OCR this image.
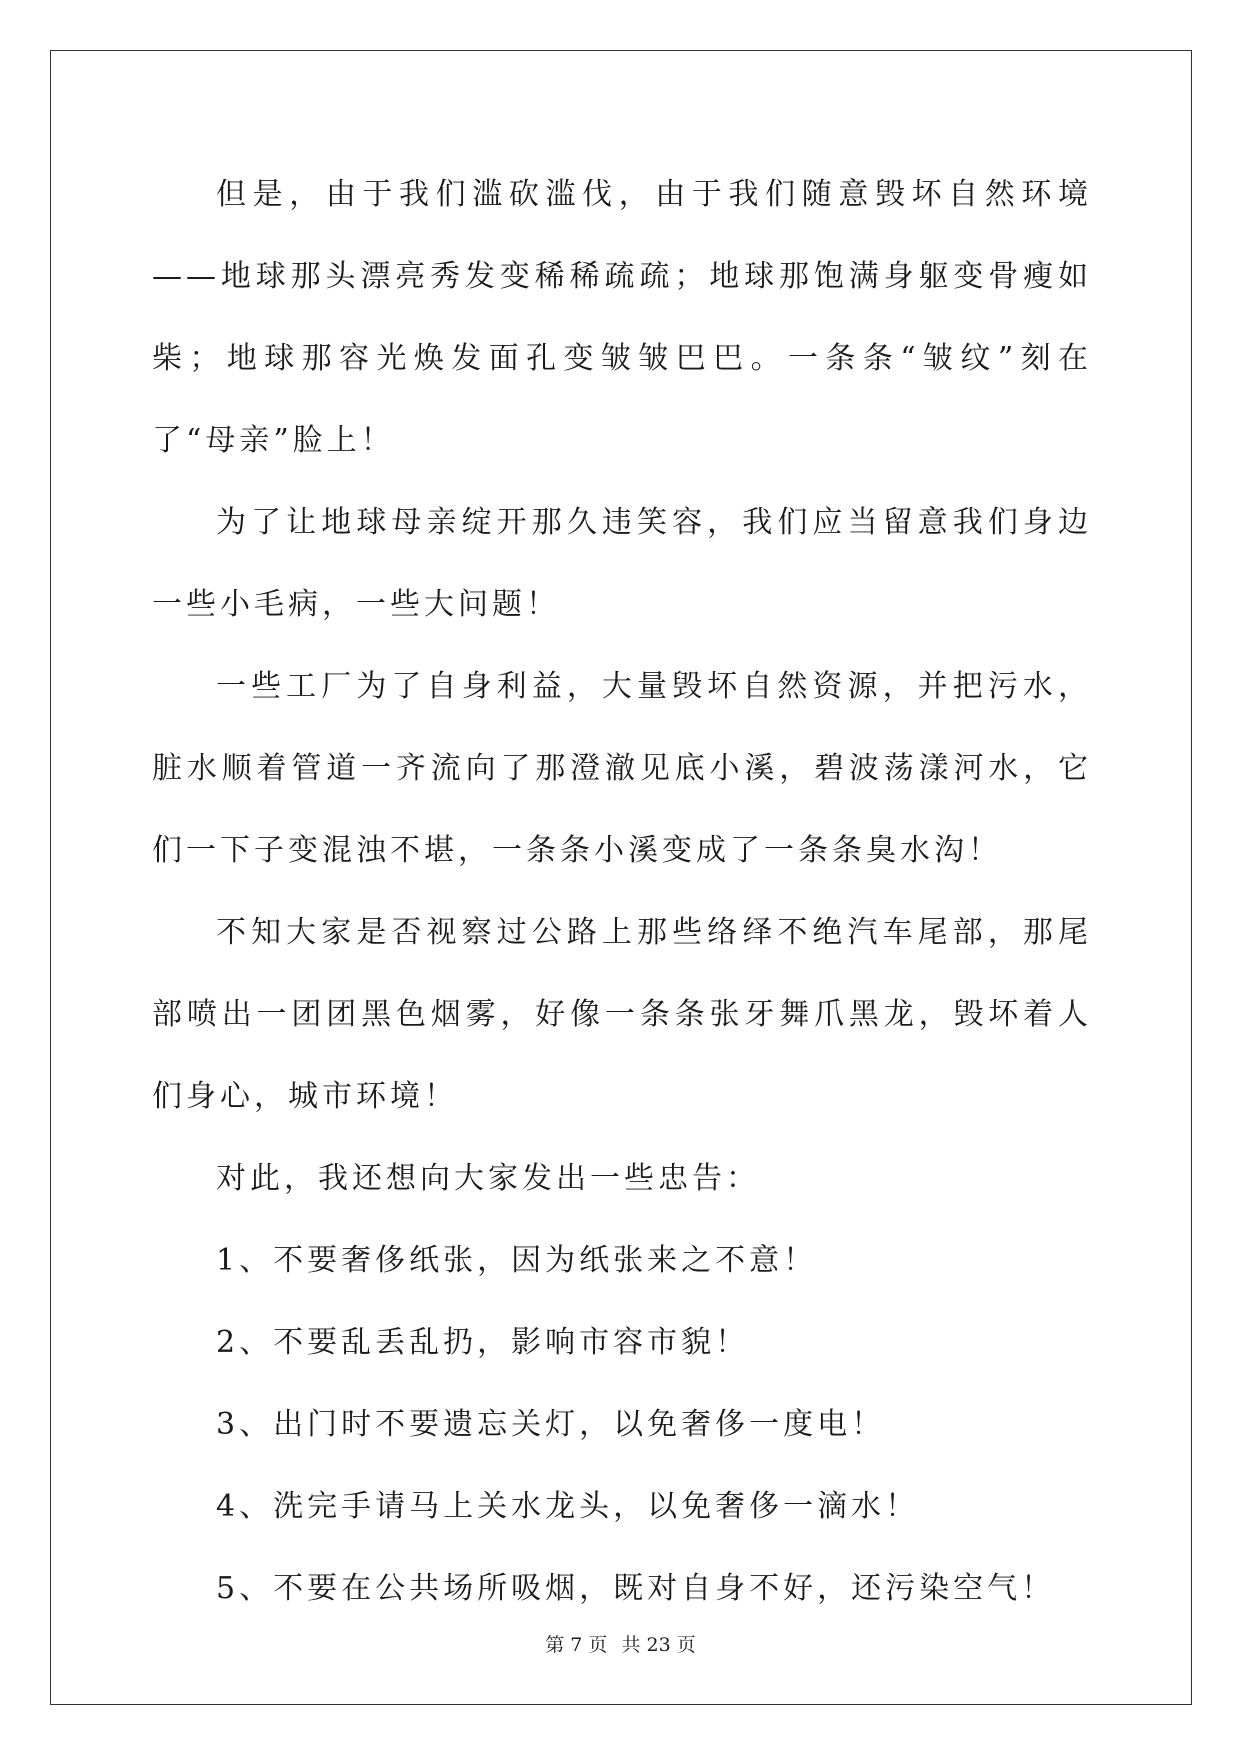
但是，由于我们滥砍滥伐，由于我们随意毁坏自然环境——地球那头漂亮秀发变稀稀疏疏；地球那饱满身躯变骨瘦如柴；地球那容光焕发面孔变皱皱巴巴。一条条“皱纹”刻在了“母亲”脸上！

为了让地球母亲绽开那久违笑容，我们应当留意我们身边一些小毛病，一些大问题！

一些工厂为了自身利益，大量毁坏自然资源，并把污水，脏水顺着管道一齐流向了那澄澈见底小溪，碧波荡漾河水，它们一下子变混浊不堪，一条条小溪变成了一条条臭水沟！

不知大家是否视察过公路上那些络绎不绝汽车尾部，那尾部喷出一团团黑色烟雾，好像一条条张牙舞爪黑龙，毁坏着人们身心，城市环境！

对此，我还想向大家发出一些忠告：

1、不要奢侈纸张，因为纸张来之不意！

2、不要乱丢乱扔，影响市容市貌！

3、出门时不要遗忘关灯，以免奢侈一度电！

4、洗完手请马上关水龙头，以免奢侈一滴水！

5、不要在公共场所吸烟，既对自身不好，还污染空气！

第 7 页 共 23 页
